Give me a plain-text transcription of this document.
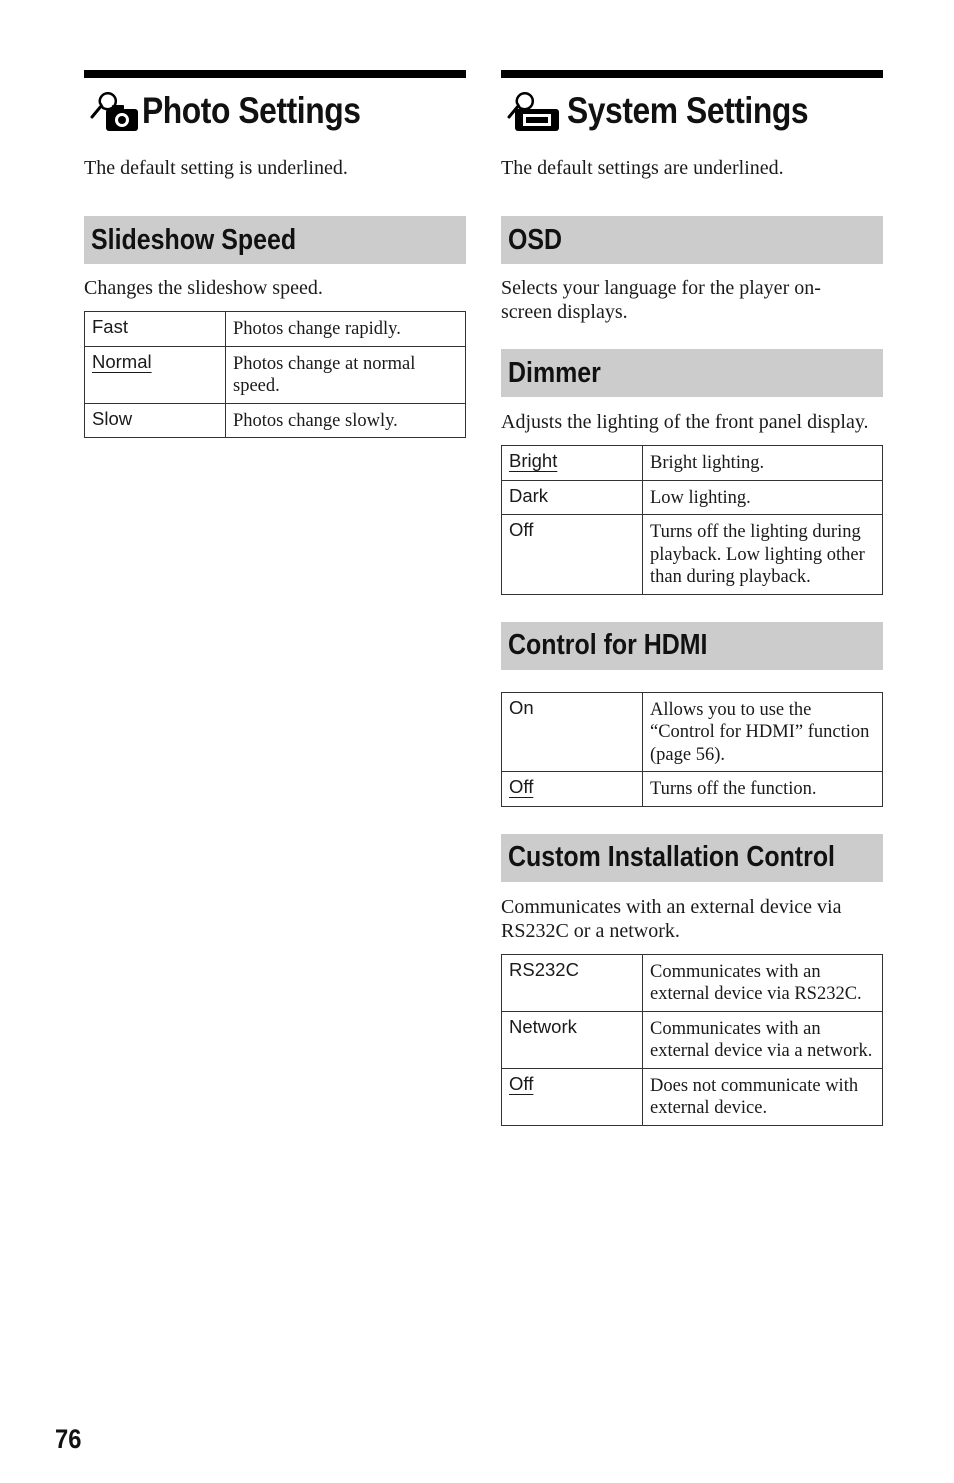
Photo Settings

The default setting is underlined.

Slideshow Speed

Changes the slideshow speed.

Fast	Photos change rapidly.
Normal	Photos change at normal speed.
Slow	Photos change slowly.
System Settings

The default settings are underlined.

OSD

Selects your language for the player on-screen displays.

Dimmer

Adjusts the lighting of the front panel display.

Bright	Bright lighting.
Dark	Low lighting.
Off	Turns off the lighting during playback. Low lighting other than during playback.
Control for HDMI
On	Allows you to use the “Control for HDMI” function (page 56).
Off	Turns off the function.
Custom Installation Control

Communicates with an external device via RS232C or a network.

RS232C	Communicates with an external device via RS232C.
Network	Communicates with an external device via a network.
Off	Does not communicate with external device.
76
